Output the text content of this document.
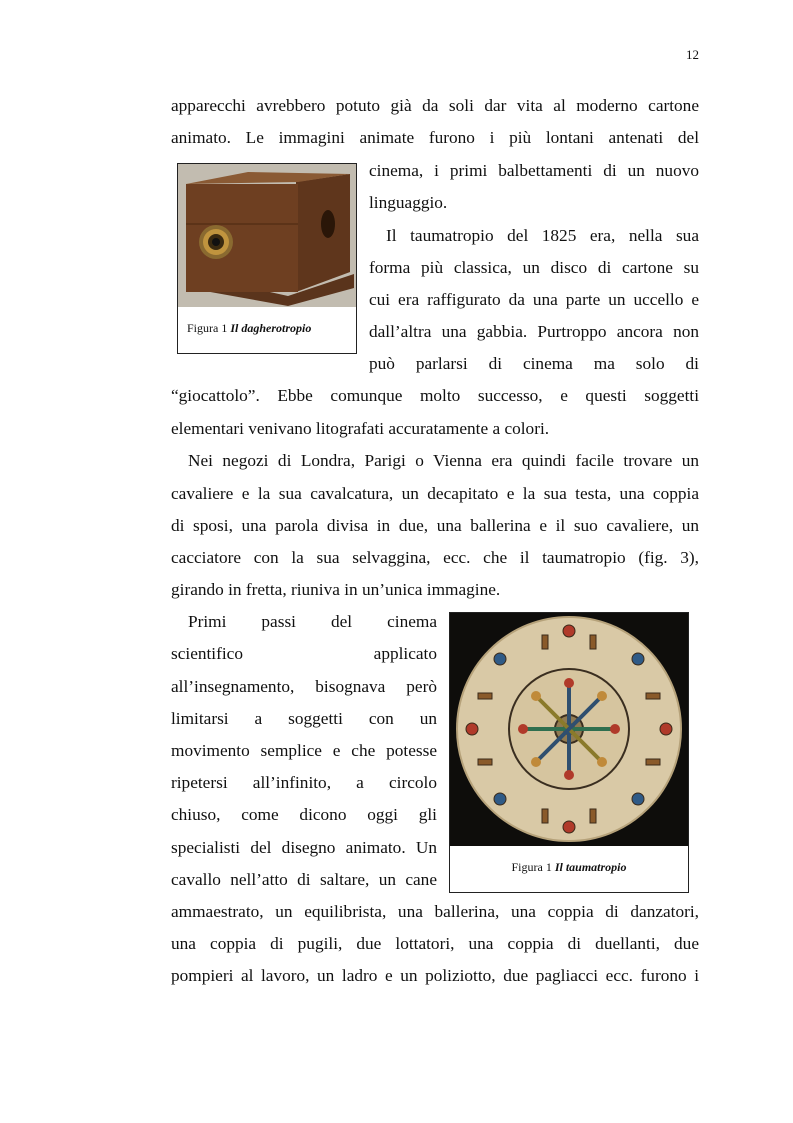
12
apparecchi avrebbero potuto già da soli dar vita al moderno cartone
animato. Le immagini animate furono i più lontani antenati del
cinema, i primi balbettamenti di un nuovo
linguaggio.
Il taumatropio del 1825 era, nella sua
forma più classica, un disco di cartone su
cui era raffigurato da una parte un uccello e
dall’altra una gabbia. Purtroppo ancora non
può parlarsi di cinema ma solo di
“giocattolo”. Ebbe comunque molto successo, e questi soggetti
elementari venivano litografati accuratamente a colori.
Nei negozi di Londra, Parigi o Vienna era quindi facile trovare un
cavaliere e la sua cavalcatura, un decapitato e la sua testa, una coppia
di sposi, una parola divisa in due, una ballerina e il suo cavaliere, un
cacciatore con la sua selvaggina, ecc. che il taumatropio (fig. 3),
girando in fretta, riuniva in un’unica immagine.
Primi passi del cinema
scientifico applicato
all’insegnamento, bisognava però
limitarsi a soggetti con un
movimento semplice e che potesse
ripetersi all’infinito, a circolo
chiuso, come dicono oggi gli
specialisti del disegno animato. Un
cavallo nell’atto di saltare, un cane
ammaestrato, un equilibrista, una ballerina, una coppia di danzatori,
una coppia di pugili, due lottatori, una coppia di duellanti, due
pompieri al lavoro, un ladro e un poliziotto, due pagliacci ecc. furono i
Figura 1 Il dagherotropio
Figura 1 Il taumatropio
